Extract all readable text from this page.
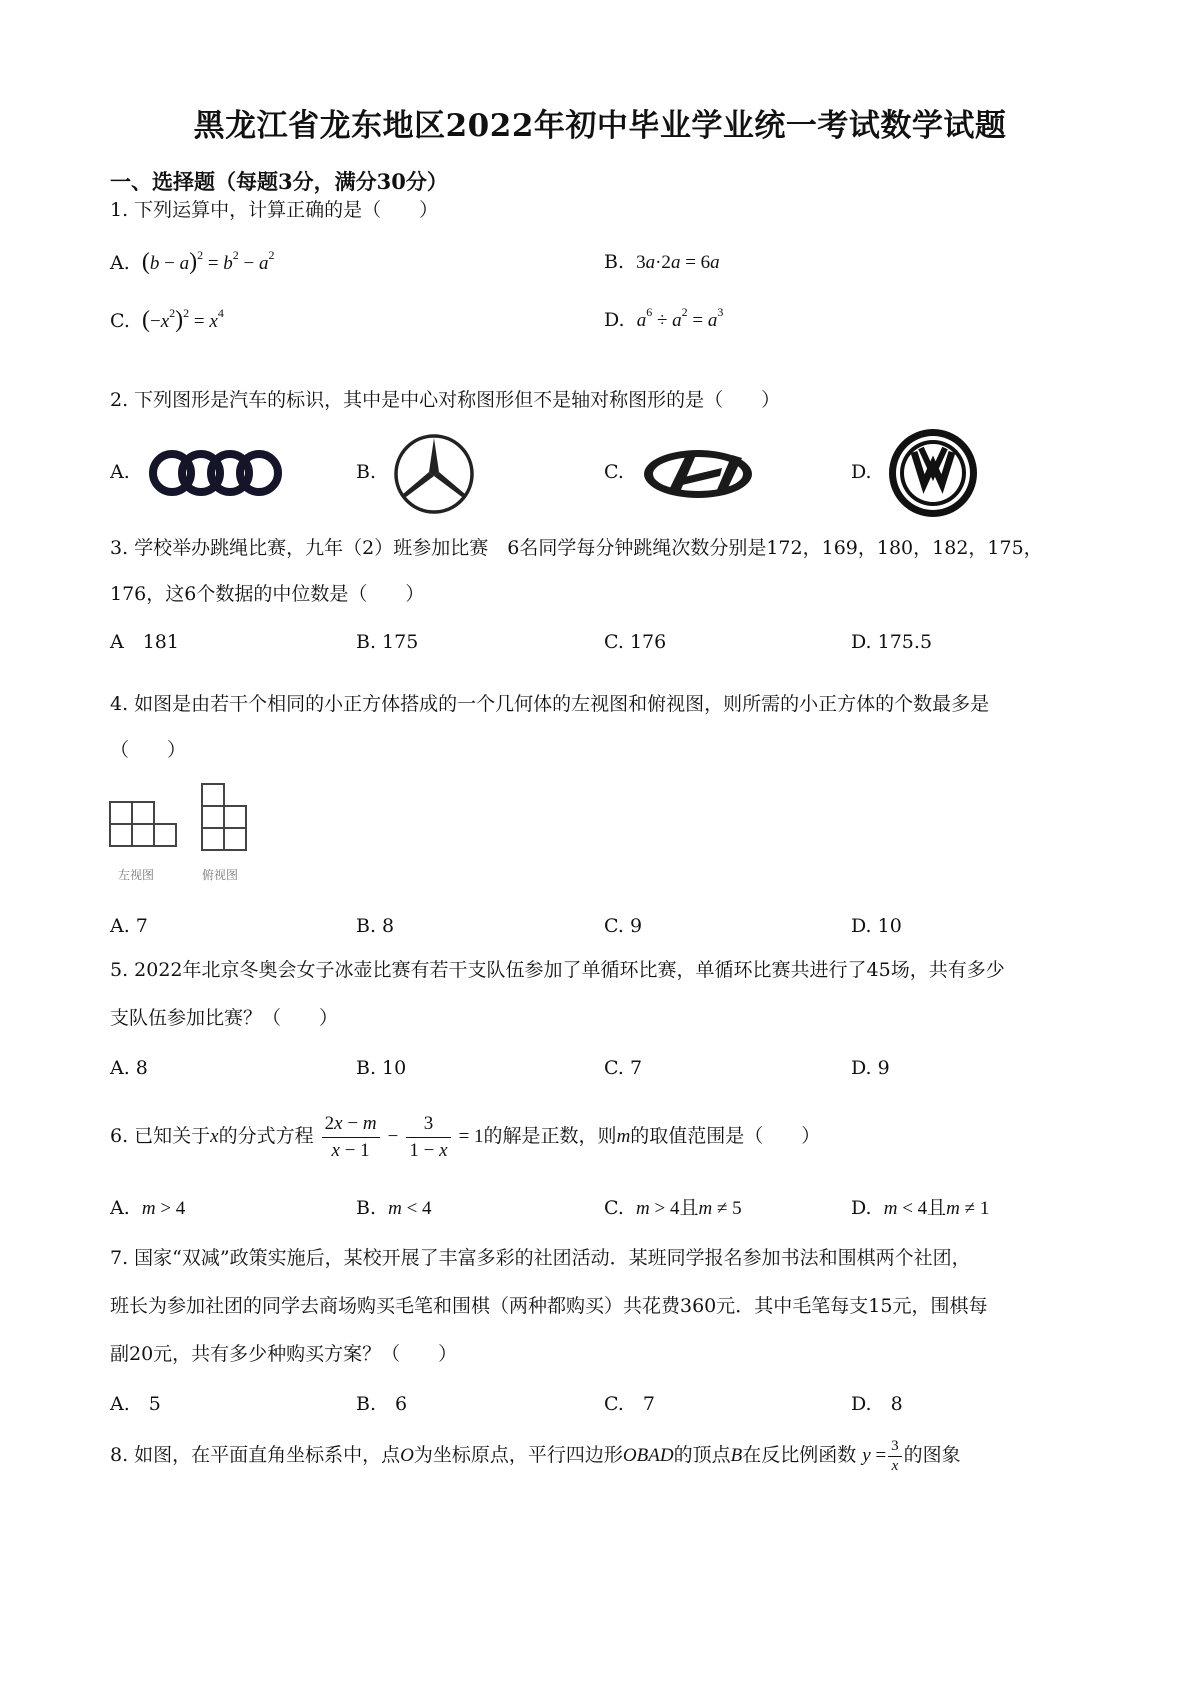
黑龙江省龙东地区2022年初中毕业学业统一考试数学试题
一、选择题（每题3分，满分30分）
1. 下列运算中，计算正确的是（　　）
A. $(b - a)^2 = b^2 - a^2$	B. 3a·2a = 6a
C. $(-x^2)^2 = x^4$	D. $a^6 \div a^2 = a^3$
2. 下列图形是汽车的标识，其中是中心对称图形但不是轴对称图形的是（　　）
A.	B.	C.	D.
3. 学校举办跳绳比赛，九年（2）班参加比赛　6名同学每分钟跳绳次数分别是172，169，180，182，175，
176，这6个数据的中位数是（　　）
A　181	B. 175	C. 176	D. 175.5
4. 如图是由若干个相同的小正方体搭成的一个几何体的左视图和俯视图，则所需的小正方体的个数最多是
（　　）
左视图	俯视图
A. 7	B. 8	C. 9	D. 10
5. 2022年北京冬奥会女子冰壶比赛有若干支队伍参加了单循环比赛，单循环比赛共进行了45场，共有多少
支队伍参加比赛？（　　）
A. 8	B. 10	C. 7	D. 9
6. 已知关于x的分式方程 $\frac{2x - m}{x - 1} - \frac{3}{1 - x} = 1$的解是正数，则m的取值范围是（　　）
A. m > 4	B. m < 4	C. m > 4且m ≠ 5	D. m < 4且m ≠ 1
7. 国家“双减”政策实施后，某校开展了丰富多彩的社团活动．某班同学报名参加书法和围棋两个社团，
班长为参加社团的同学去商场购买毛笔和围棋（两种都购买）共花费360元．其中毛笔每支15元，围棋每
副20元，共有多少种购买方案？（　　）
A.　5	B.　6	C.　7	D.　8
8. 如图，在平面直角坐标系中，点O为坐标原点，平行四边形OBAD的顶点B在反比例函数 $y = \frac{3}{x}$ 的图象
